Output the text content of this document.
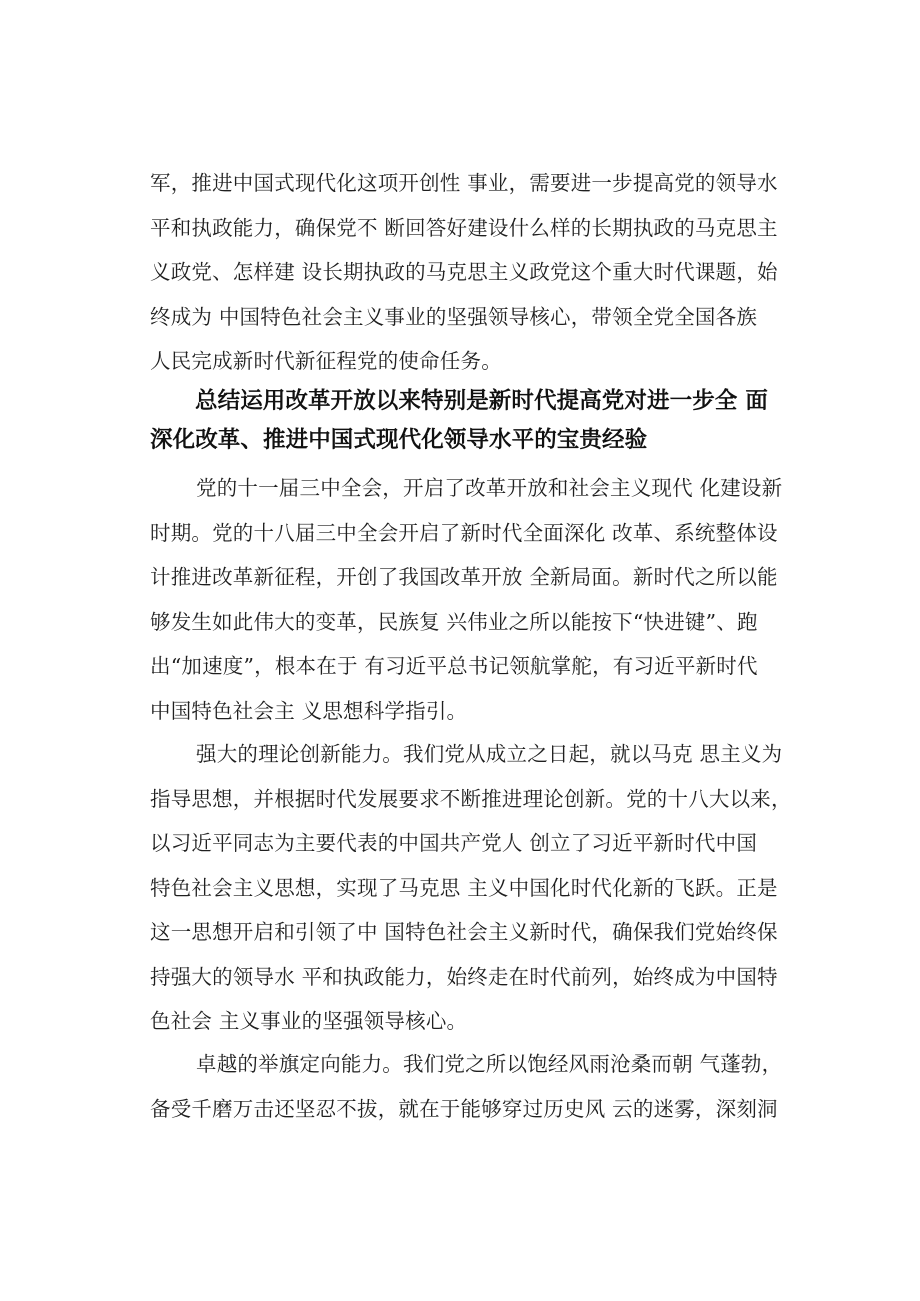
军，推进中国式现代化这项开创性 事业，需要进一步提高党的领导水
平和执政能力，确保党不 断回答好建设什么样的长期执政的马克思主
义政党、怎样建 设长期执政的马克思主义政党这个重大时代课题，始
终成为 中国特色社会主义事业的坚强领导核心，带领全党全国各族
人民完成新时代新征程党的使命任务。
总结运用改革开放以来特别是新时代提高党对进一步全 面
深化改革、推进中国式现代化领导水平的宝贵经验
党的十一届三中全会，开启了改革开放和社会主义现代 化建设新
时期。党的十八届三中全会开启了新时代全面深化 改革、系统整体设
计推进改革新征程，开创了我国改革开放 全新局面。新时代之所以能
够发生如此伟大的变革，民族复 兴伟业之所以能按下“快进键”、跑
出“加速度”，根本在于 有习近平总书记领航掌舵，有习近平新时代
中国特色社会主 义思想科学指引。
强大的理论创新能力。我们党从成立之日起，就以马克 思主义为
指导思想，并根据时代发展要求不断推进理论创新。党的十八大以来，
以习近平同志为主要代表的中国共产党人 创立了习近平新时代中国
特色社会主义思想，实现了马克思 主义中国化时代化新的飞跃。正是
这一思想开启和引领了中 国特色社会主义新时代，确保我们党始终保
持强大的领导水 平和执政能力，始终走在时代前列，始终成为中国特
色社会 主义事业的坚强领导核心。
卓越的举旗定向能力。我们党之所以饱经风雨沧桑而朝 气蓬勃，
备受千磨万击还坚忍不拔，就在于能够穿过历史风 云的迷雾，深刻洞
